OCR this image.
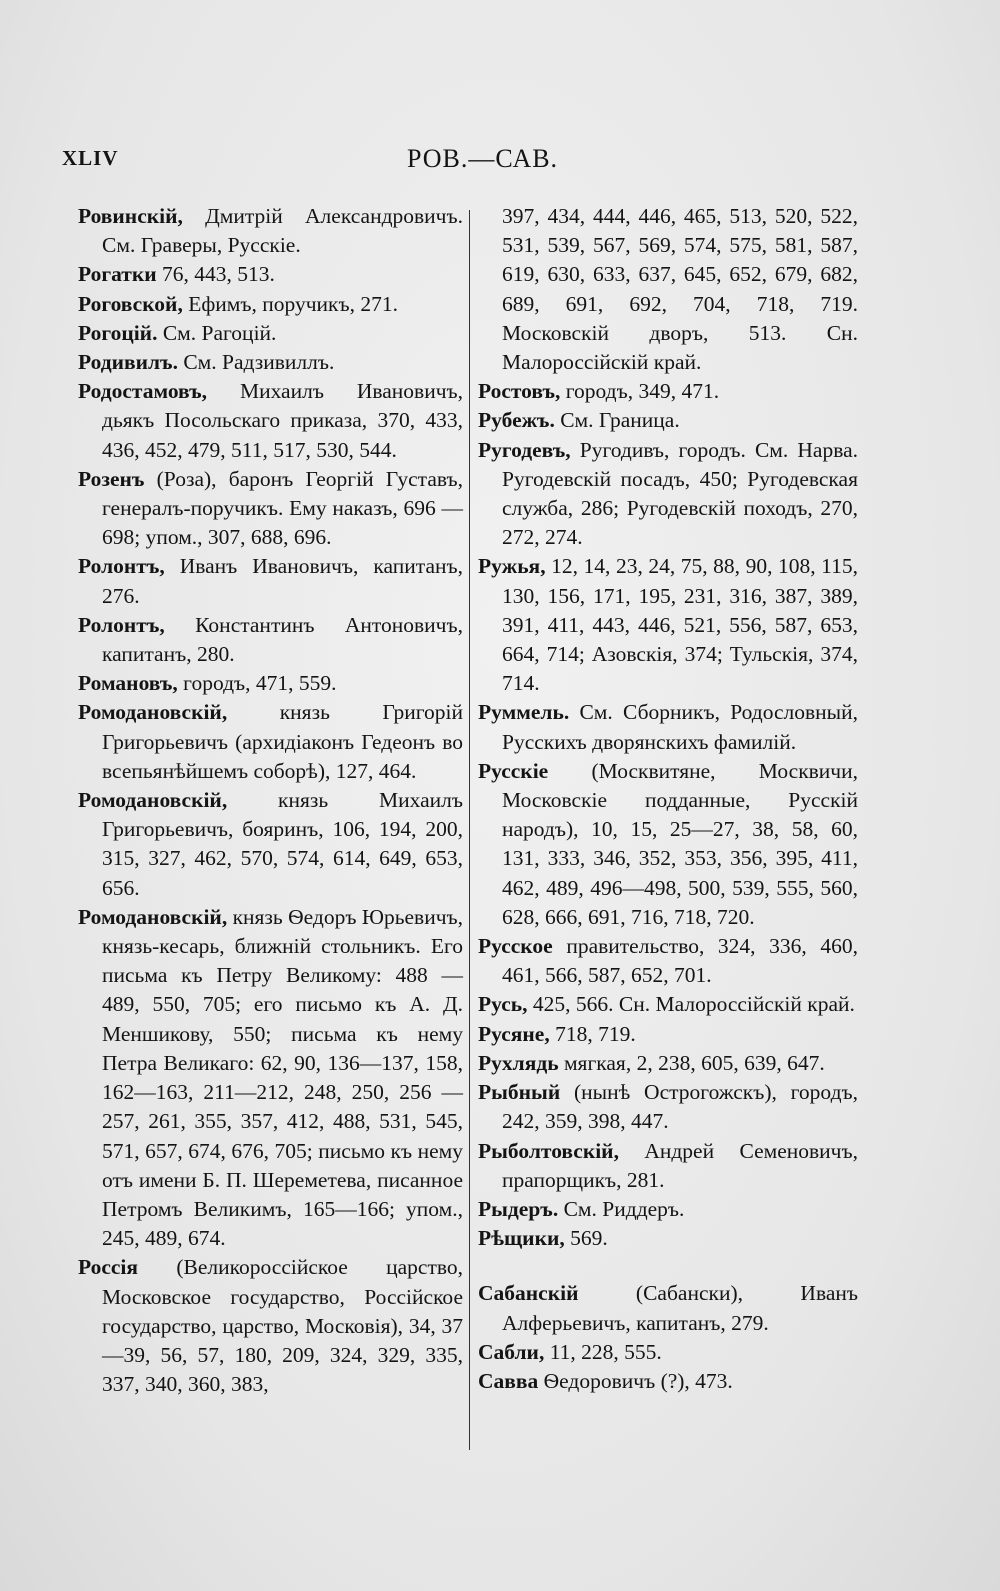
XLIV	РОВ.—САВ.

Ровинскій, Дмитрій Александровичъ. См. Граверы, Русскіе.

Рогатки 76, 443, 513.

Роговской, Ефимъ, поручикъ, 271.

Рогоцій. См. Рагоцій.

Родивилъ. См. Радзивиллъ.

Родостамовъ, Михаилъ Ивановичъ, дьякъ Посольскаго приказа, 370, 433, 436, 452, 479, 511, 517, 530, 544.

Розенъ (Роза), баронъ Георгій Густавъ, генералъ-поручикъ. Ему наказъ, 696 — 698; упом., 307, 688, 696.

Ролонтъ, Иванъ Ивановичъ, капитанъ, 276.

Ролонтъ, Константинъ Антоновичъ, капитанъ, 280.

Романовъ, городъ, 471, 559.

Ромодановскій, князь Григорій Григорьевичъ (архидіаконъ Гедеонъ во всепьянѣйшемъ соборѣ), 127, 464.

Ромодановскій, князь Михаилъ Григорьевичъ, бояринъ, 106, 194, 200, 315, 327, 462, 570, 574, 614, 649, 653, 656.

Ромодановскій, князь Ѳедоръ Юрьевичъ, князь-кесарь, ближній стольникъ. Его письма къ Петру Великому: 488 — 489, 550, 705; его письмо къ А. Д. Меншикову, 550; письма къ нему Петра Великаго: 62, 90, 136—137, 158, 162—163, 211—212, 248, 250, 256 — 257, 261, 355, 357, 412, 488, 531, 545, 571, 657, 674, 676, 705; письмо къ нему отъ имени Б. П. Шереметева, писанное Петромъ Великимъ, 165—166; упом., 245, 489, 674.

Россія (Великороссійское царство, Московское государство, Россійское государство, царство, Московія), 34, 37—39, 56, 57, 180, 209, 324, 329, 335, 337, 340, 360, 383,

397, 434, 444, 446, 465, 513, 520, 522, 531, 539, 567, 569, 574, 575, 581, 587, 619, 630, 633, 637, 645, 652, 679, 682, 689, 691, 692, 704, 718, 719. Московскій дворъ, 513. Сн. Малороссійскій край.

Ростовъ, городъ, 349, 471.

Рубежъ. См. Граница.

Ругодевъ, Ругодивъ, городъ. См. Нарва. Ругодевскій посадъ, 450; Ругодевская служба, 286; Ругодевскій походъ, 270, 272, 274.

Ружья, 12, 14, 23, 24, 75, 88, 90, 108, 115, 130, 156, 171, 195, 231, 316, 387, 389, 391, 411, 443, 446, 521, 556, 587, 653, 664, 714; Азовскія, 374; Тульскія, 374, 714.

Руммель. См. Сборникъ, Родословный, Русскихъ дворянскихъ фамилій.

Русскіе (Москвитяне, Москвичи, Московскіе подданные, Русскій народъ), 10, 15, 25—27, 38, 58, 60, 131, 333, 346, 352, 353, 356, 395, 411, 462, 489, 496—498, 500, 539, 555, 560, 628, 666, 691, 716, 718, 720.

Русское правительство, 324, 336, 460, 461, 566, 587, 652, 701.

Русь, 425, 566. Сн. Малороссійскій край.

Русяне, 718, 719.

Рухлядь мягкая, 2, 238, 605, 639, 647.

Рыбный (нынѣ Острогожскъ), городъ, 242, 359, 398, 447.

Рыболтовскій, Андрей Семеновичъ, прапорщикъ, 281.

Рыдеръ. См. Риддеръ.

Рѣщики, 569.

Сабанскій (Сабански), Иванъ Алферьевичъ, капитанъ, 279.

Сабли, 11, 228, 555.

Савва Ѳедоровичъ (?), 473.
